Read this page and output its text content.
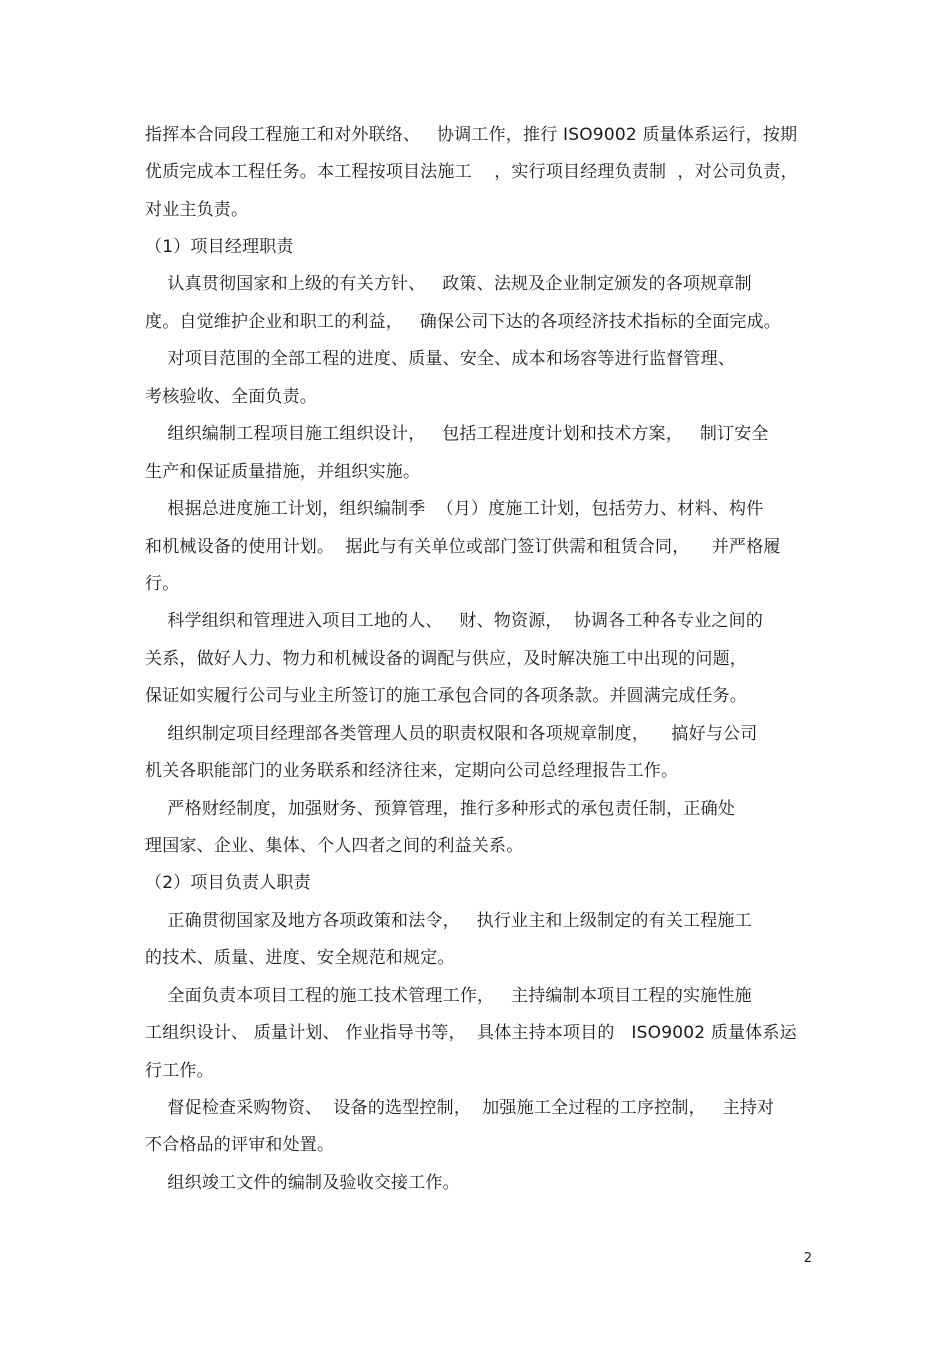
指挥本合同段工程施工和对外联络、   协调工作，推行 ISO9002 质量体系运行，按期
优质完成本工程任务。本工程按项目法施工    ，实行项目经理负责制  ，对公司负责，
对业主负责。
（1）项目经理职责
认真贯彻国家和上级的有关方针、   政策、法规及企业制定颁发的各项规章制
度。自觉维护企业和职工的利益，   确保公司下达的各项经济技术指标的全面完成。
对项目范围的全部工程的进度、质量、安全、成本和场容等进行监督管理、
考核验收、全面负责。
组织编制工程项目施工组织设计，   包括工程进度计划和技术方案，   制订安全
生产和保证质量措施，并组织实施。
根据总进度施工计划，组织编制季  （月）度施工计划，包括劳力、材料、构件
和机械设备的使用计划。  据此与有关单位或部门签订供需和租赁合同，    并严格履
行。
科学组织和管理进入项目工地的人、   财、物资源，  协调各工种各专业之间的
关系，做好人力、物力和机械设备的调配与供应，及时解决施工中出现的问题，
保证如实履行公司与业主所签订的施工承包合同的各项条款。并圆满完成任务。
组织制定项目经理部各类管理人员的职责权限和各项规章制度，    搞好与公司
机关各职能部门的业务联系和经济往来，定期向公司总经理报告工作。
严格财经制度，加强财务、预算管理，推行多种形式的承包责任制，正确处
理国家、企业、集体、个人四者之间的利益关系。
（2）项目负责人职责
正确贯彻国家及地方各项政策和法令，   执行业主和上级制定的有关工程施工
的技术、质量、进度、安全规范和规定。
全面负责本项目工程的施工技术管理工作，   主持编制本项目工程的实施性施
工组织设计、 质量计划、 作业指导书等，  具体主持本项目的   ISO9002 质量体系运
行工作。
督促检查采购物资、  设备的选型控制，  加强施工全过程的工序控制，   主持对
不合格品的评审和处置。
组织竣工文件的编制及验收交接工作。
2
